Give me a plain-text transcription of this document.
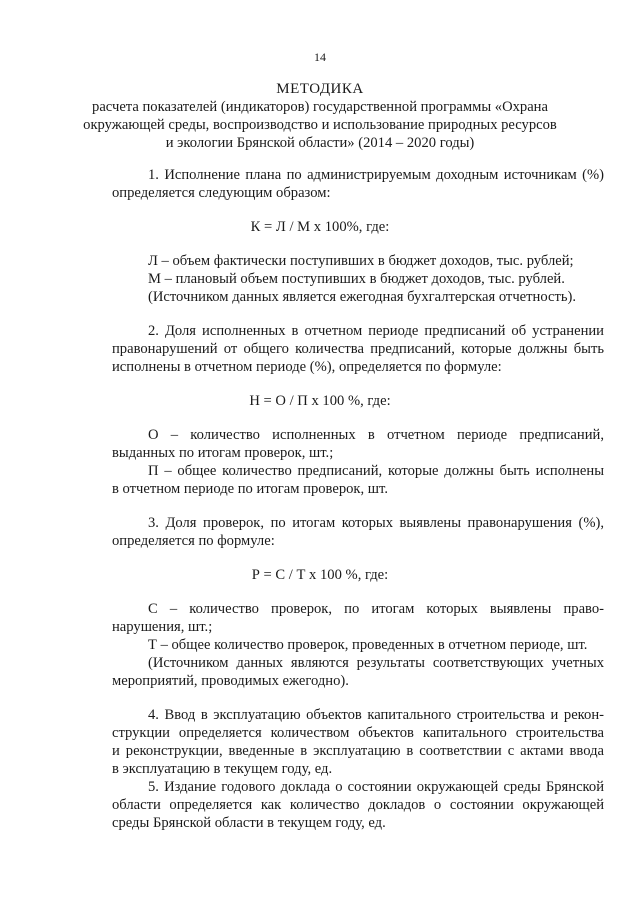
14
МЕТОДИКА
расчета показателей (индикаторов) государственной программы «Охрана
окружающей среды, воспроизводство и использование природных ресурсов
и экологии Брянской области» (2014 – 2020 годы)
1. Исполнение плана по администрируемым доходным источникам (%)
определяется следующим образом:
К = Л / М х 100%, где:
Л – объем фактически поступивших в бюджет доходов, тыс. рублей;
М – плановый объем поступивших в бюджет доходов, тыс. рублей.
(Источником данных является ежегодная бухгалтерская отчетность).
2. Доля исполненных в отчетном периоде предписаний об устранении
правонарушений от общего количества предписаний, которые должны быть
исполнены в отчетном периоде (%), определяется по формуле:
Н = О / П х 100 %, где:
О – количество исполненных в отчетном периоде предписаний,
выданных по итогам проверок, шт.;
П – общее количество предписаний, которые должны быть исполнены
в отчетном периоде по итогам проверок, шт.
3. Доля проверок, по итогам которых выявлены правонарушения (%),
определяется по формуле:
Р = С / Т х 100 %, где:
С – количество проверок, по итогам которых выявлены право-
нарушения, шт.;
Т – общее количество проверок, проведенных в отчетном периоде, шт.
(Источником данных являются результаты соответствующих учетных
мероприятий, проводимых ежегодно).
4. Ввод в эксплуатацию объектов капитального строительства и рекон-
струкции определяется количеством объектов капитального строительства
и реконструкции, введенные в эксплуатацию в соответствии с актами ввода
в эксплуатацию в текущем году, ед.
5. Издание годового доклада о состоянии окружающей среды Брянской
области определяется как количество докладов о состоянии окружающей
среды Брянской области в текущем году, ед.
